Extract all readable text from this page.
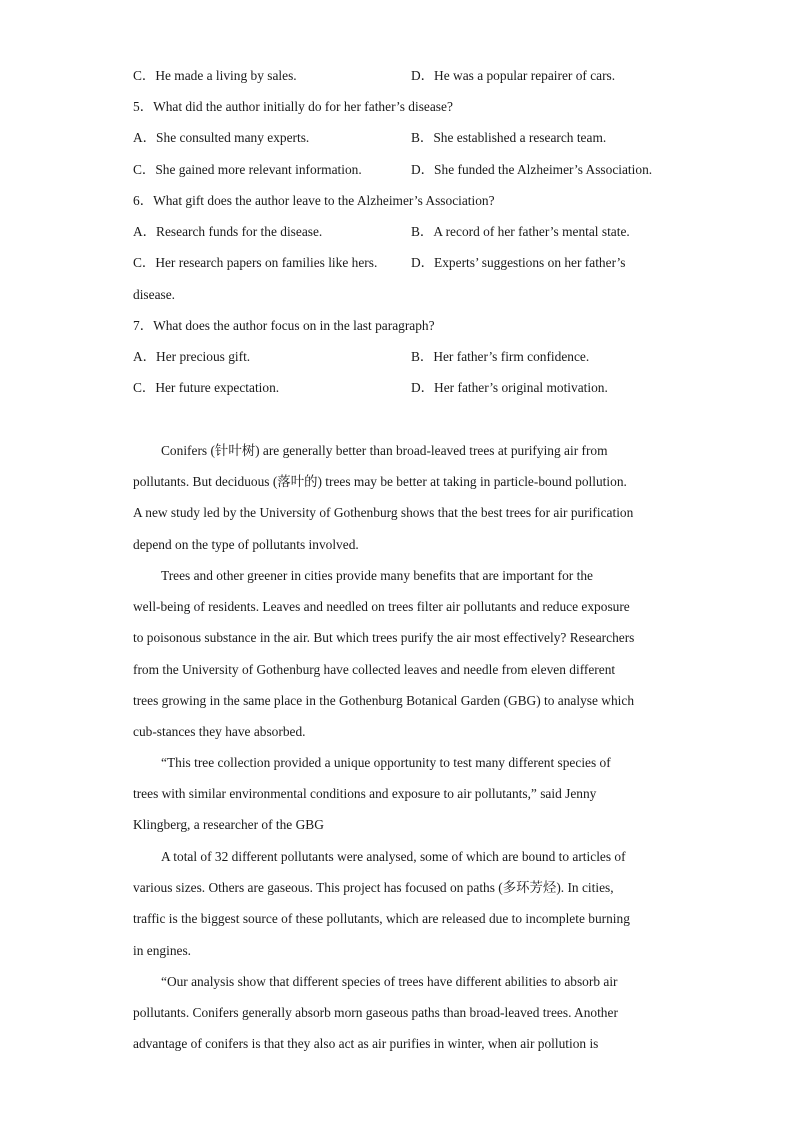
C．He made a living by sales.	D．He was a popular repairer of cars.
5．What did the author initially do for her father’s disease?
A．She consulted many experts.	B．She established a research team.
C．She gained more relevant information.	D．She funded the Alzheimer’s Association.
6．What gift does the author leave to the Alzheimer’s Association?
A．Research funds for the disease.	B．A record of her father’s mental state.
C．Her research papers on families like hers.	D．Experts’ suggestions on her father’s
disease.
7．What does the author focus on in the last paragraph?
A．Her precious gift.	B．Her father’s firm confidence.
C．Her future expectation.	D．Her father’s original motivation.
Conifers (针叶树) are generally better than broad-leaved trees at purifying air from
pollutants. But deciduous (落叶的) trees may be better at taking in particle-bound pollution.
A new study led by the University of Gothenburg shows that the best trees for air purification
depend on the type of pollutants involved.
Trees and other greener in cities provide many benefits that are important for the
well-being of residents. Leaves and needled on trees filter air pollutants and reduce exposure
to poisonous substance in the air. But which trees purify the air most effectively? Researchers
from the University of Gothenburg have collected leaves and needle from eleven different
trees growing in the same place in the Gothenburg Botanical Garden (GBG) to analyse which
cub-stances they have absorbed.
“This tree collection provided a unique opportunity to test many different species of
trees with similar environmental conditions and exposure to air pollutants,” said Jenny
Klingberg, a researcher of the GBG
A total of 32 different pollutants were analysed, some of which are bound to articles of
various sizes. Others are gaseous. This project has focused on paths (多环芳烃). In cities,
traffic is the biggest source of these pollutants, which are released due to incomplete burning
in engines.
“Our analysis show that different species of trees have different abilities to absorb air
pollutants. Conifers generally absorb morn gaseous paths than broad-leaved trees. Another
advantage of conifers is that they also act as air purifies in winter, when air pollution is
